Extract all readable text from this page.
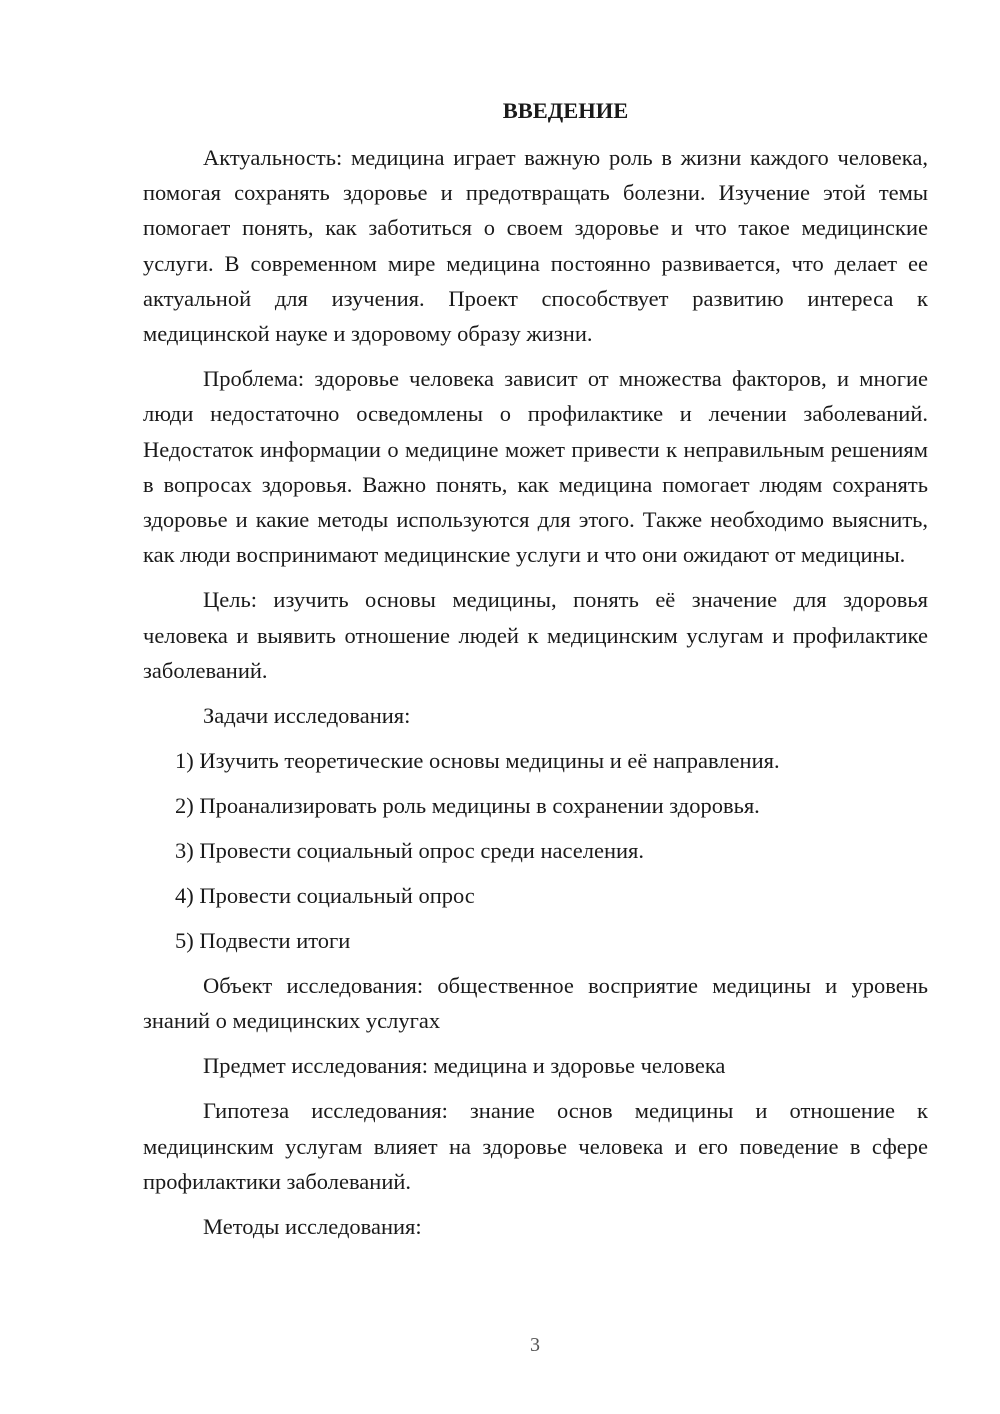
ВВЕДЕНИЕ

Актуальность: медицина играет важную роль в жизни каждого человека, помогая сохранять здоровье и предотвращать болезни. Изучение этой темы помогает понять, как заботиться о своем здоровье и что такое медицинские услуги. В современном мире медицина постоянно развивается, что делает ее актуальной для изучения. Проект способствует развитию интереса к медицинской науке и здоровому образу жизни.

Проблема: здоровье человека зависит от множества факторов, и многие люди недостаточно осведомлены о профилактике и лечении заболеваний. Недостаток информации о медицине может привести к неправильным решениям в вопросах здоровья. Важно понять, как медицина помогает людям сохранять здоровье и какие методы используются для этого. Также необходимо выяснить, как люди воспринимают медицинские услуги и что они ожидают от медицины.

Цель: изучить основы медицины, понять её значение для здоровья человека и выявить отношение людей к медицинским услугам и профилактике заболеваний.

Задачи исследования:

1) Изучить теоретические основы медицины и её направления.
2) Проанализировать роль медицины в сохранении здоровья.
3) Провести социальный опрос среди населения.
4) Провести социальный опрос
5) Подвести итоги

Объект исследования: общественное восприятие медицины и уровень знаний о медицинских услугах

Предмет исследования: медицина и здоровье человека

Гипотеза исследования: знание основ медицины и отношение к медицинским услугам влияет на здоровье человека и его поведение в сфере профилактики заболеваний.

Методы исследования:

3
